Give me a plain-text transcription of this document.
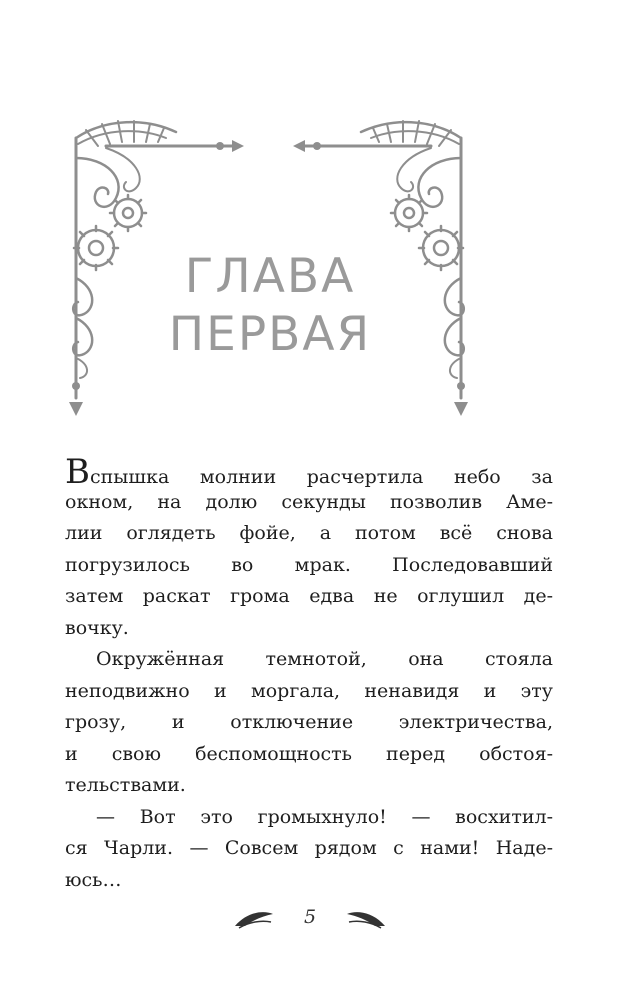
ГЛАВА
ПЕРВАЯ
Вспышка молнии расчертила небо за
окном, на долю секунды позволив Аме-
лии оглядеть фойе, а потом всё снова
погрузилось во мрак. Последовавший
затем раскат грома едва не оглушил де-
вочку.
Окружённая темнотой, она стояла
неподвижно и моргала, ненавидя и эту
грозу, и отключение электричества,
и свою беспомощность перед обстоя-
тельствами.
— Вот это громыхнуло! — восхитил-
ся Чарли. — Совсем рядом с нами! Наде-
юсь…
5
